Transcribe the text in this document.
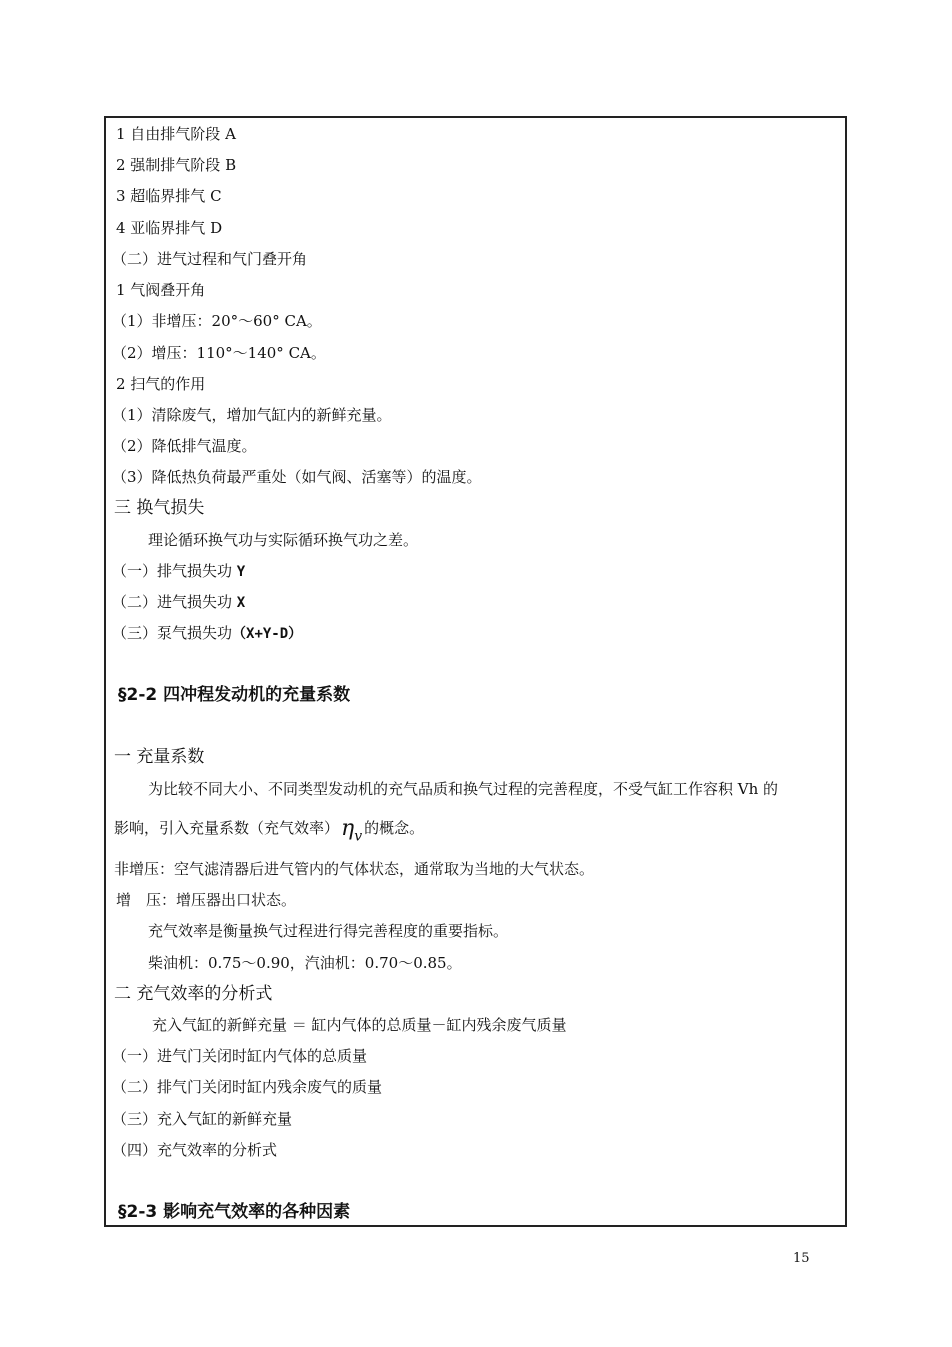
1 自由排气阶段 A
2 强制排气阶段 B
3 超临界排气 C
4 亚临界排气 D
（二）进气过程和气门叠开角
1 气阀叠开角
（1）非增压：20°～60° CA。
（2）增压：110°～140° CA。
2 扫气的作用
（1）清除废气，增加气缸内的新鲜充量。
（2）降低排气温度。
（3）降低热负荷最严重处（如气阀、活塞等）的温度。
三 换气损失
理论循环换气功与实际循环换气功之差。
（一）排气损失功 Y
（二）进气损失功 X
（三）泵气损失功（X+Y-D）
§2-2 四冲程发动机的充量系数
一 充量系数
为比较不同大小、不同类型发动机的充气品质和换气过程的完善程度，不受气缸工作容积 Vh 的
影响，引入充量系数（充气效率）$\eta_v$ 的概念。
非增压：空气滤清器后进气管内的气体状态，通常取为当地的大气状态。
增　压：增压器出口状态。
充气效率是衡量换气过程进行得完善程度的重要指标。
柴油机：0.75～0.90，汽油机：0.70～0.85。
二 充气效率的分析式
充入气缸的新鲜充量 ＝ 缸内气体的总质量－缸内残余废气质量
（一）进气门关闭时缸内气体的总质量
（二）排气门关闭时缸内残余废气的质量
（三）充入气缸的新鲜充量
（四）充气效率的分析式
§2-3 影响充气效率的各种因素
15
